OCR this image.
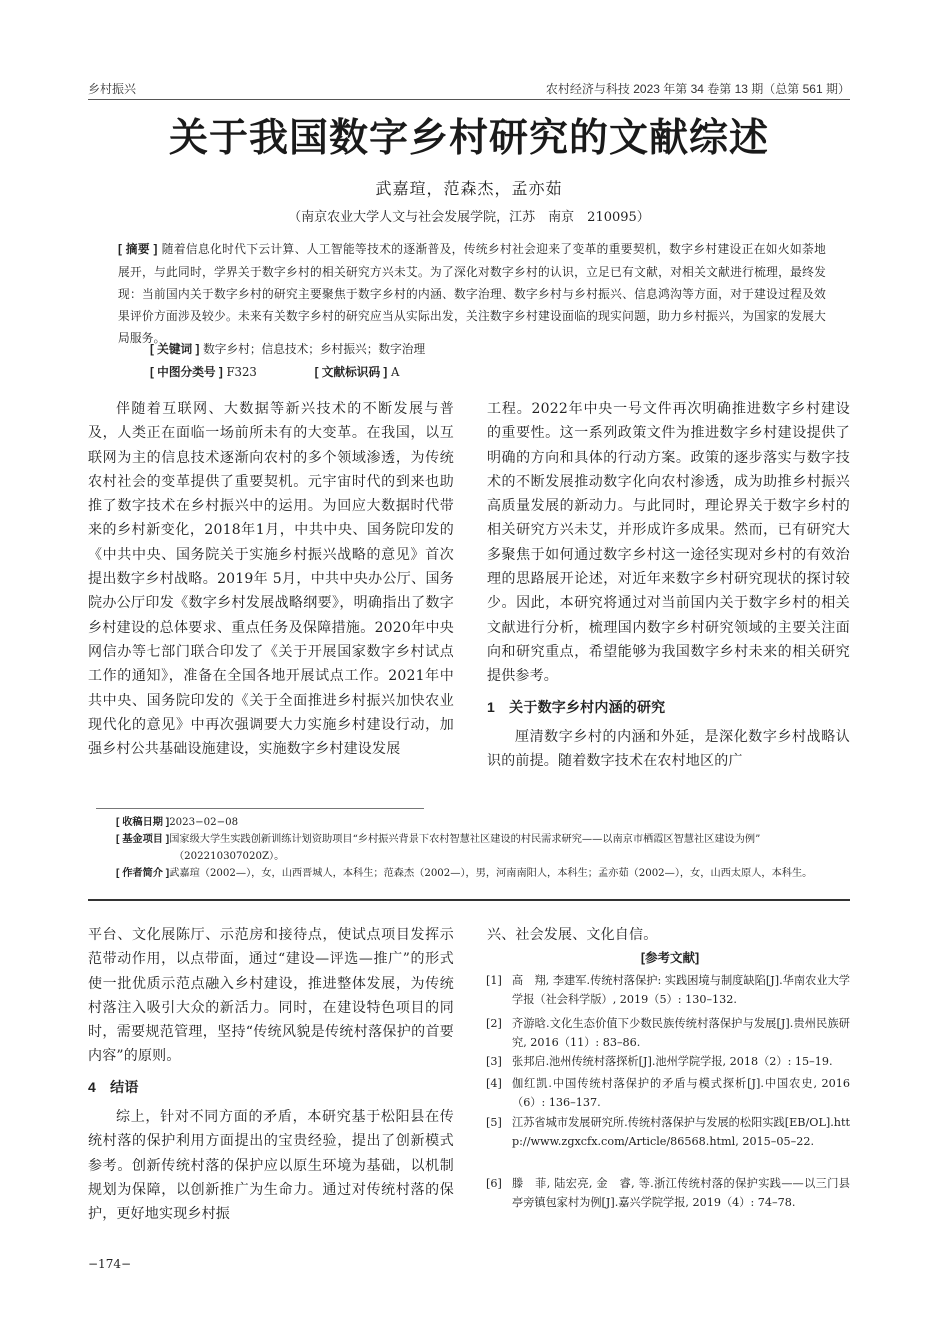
乡村振兴	农村经济与科技 2023 年第 34 卷第 13 期（总第 561 期）
关于我国数字乡村研究的文献综述
武嘉瑄，范森杰，孟亦茹
（南京农业大学人文与社会发展学院，江苏　南京　210095）
[ 摘要 ] 随着信息化时代下云计算、人工智能等技术的逐渐普及，传统乡村社会迎来了变革的重要契机，数字乡村建设正在如火如荼地展开，与此同时，学界关于数字乡村的相关研究方兴未艾。为了深化对数字乡村的认识，立足已有文献，对相关文献进行梳理，最终发现：当前国内关于数字乡村的研究主要聚焦于数字乡村的内涵、数字治理、数字乡村与乡村振兴、信息鸿沟等方面，对于建设过程及效果评价方面涉及较少。未来有关数字乡村的研究应当从实际出发，关注数字乡村建设面临的现实问题，助力乡村振兴，为国家的发展大局服务。
[ 关键词 ] 数字乡村；信息技术；乡村振兴；数字治理
[ 中图分类号 ] F323	[ 文献标识码 ] A

伴随着互联网、大数据等新兴技术的不断发展与普及，人类正在面临一场前所未有的大变革。在我国，以互联网为主的信息技术逐渐向农村的多个领域渗透，为传统农村社会的变革提供了重要契机。元宇宙时代的到来也助推了数字技术在乡村振兴中的运用。为回应大数据时代带来的乡村新变化，2018年1月，中共中央、国务院印发的《中共中央、国务院关于实施乡村振兴战略的意见》首次提出数字乡村战略。2019年 5月，中共中央办公厅、国务院办公厅印发《数字乡村发展战略纲要》，明确指出了数字乡村建设的总体要求、重点任务及保障措施。2020年中央网信办等七部门联合印发了《关于开展国家数字乡村试点工作的通知》，准备在全国各地开展试点工作。2021年中共中央、国务院印发的《关于全面推进乡村振兴加快农业现代化的意见》中再次强调要大力实施乡村建设行动，加强乡村公共基础设施建设，实施数字乡村建设发展

工程。2022年中央一号文件再次明确推进数字乡村建设的重要性。这一系列政策文件为推进数字乡村建设提供了明确的方向和具体的行动方案。政策的逐步落实与数字技术的不断发展推动数字化向农村渗透，成为助推乡村振兴高质量发展的新动力。与此同时，理论界关于数字乡村的相关研究方兴未艾，并形成许多成果。然而，已有研究大多聚焦于如何通过数字乡村这一途径实现对乡村的有效治理的思路展开论述，对近年来数字乡村研究现状的探讨较少。因此，本研究将通过对当前国内关于数字乡村的相关文献进行分析，梳理国内数字乡村研究领域的主要关注面向和研究重点，希望能够为我国数字乡村未来的相关研究提供参考。

1　关于数字乡村内涵的研究

厘清数字乡村的内涵和外延，是深化数字乡村战略认识的前提。随着数字技术在农村地区的广

[ 收稿日期 ]2023−02−08
[ 基金项目 ]国家级大学生实践创新训练计划资助项目“乡村振兴背景下农村智慧社区建设的村民需求研究——以南京市栖霞区智慧社区建设为例”
（202210307020Z）。
[ 作者简介 ]武嘉瑄（2002—），女，山西晋城人，本科生；范森杰（2002—），男，河南南阳人，本科生；孟亦茹（2002—），女，山西太原人，本科生。

平台、文化展陈厅、示范房和接待点，使试点项目发挥示范带动作用，以点带面，通过“建设—评选—推广”的形式使一批优质示范点融入乡村建设，推进整体发展，为传统村落注入吸引大众的新活力。同时，在建设特色项目的同时，需要规范管理，坚持“传统风貌是传统村落保护的首要内容”的原则。

4　结语

综上，针对不同方面的矛盾，本研究基于松阳县在传统村落的保护利用方面提出的宝贵经验，提出了创新模式参考。创新传统村落的保护应以原生环境为基础，以机制规划为保障，以创新推广为生命力。通过对传统村落的保护，更好地实现乡村振

兴、社会发展、文化自信。
[参考文献]
[1] 高　翔, 李建军.传统村落保护: 实践困境与制度缺陷[J].华南农业大学学报（社会科学版）, 2019（5）: 130–132.
[2] 齐游晗.文化生态价值下少数民族传统村落保护与发展[J].贵州民族研究, 2016（11）: 83–86.
[3] 张邦启.池州传统村落探析[J].池州学院学报, 2018（2）: 15–19.
[4] 伽红凯.中国传统村落保护的矛盾与模式探析[J].中国农史, 2016（6）: 136–137.
[5] 江苏省城市发展研究所.传统村落保护与发展的松阳实践[EB/OL].http://www.zgxcfx.com/Article/86568.html, 2015–05–22.
[6] 滕　菲, 陆宏亮, 金　睿, 等.浙江传统村落的保护实践——以三门县亭旁镇包家村为例[J].嘉兴学院学报, 2019（4）: 74–78.
−174−
